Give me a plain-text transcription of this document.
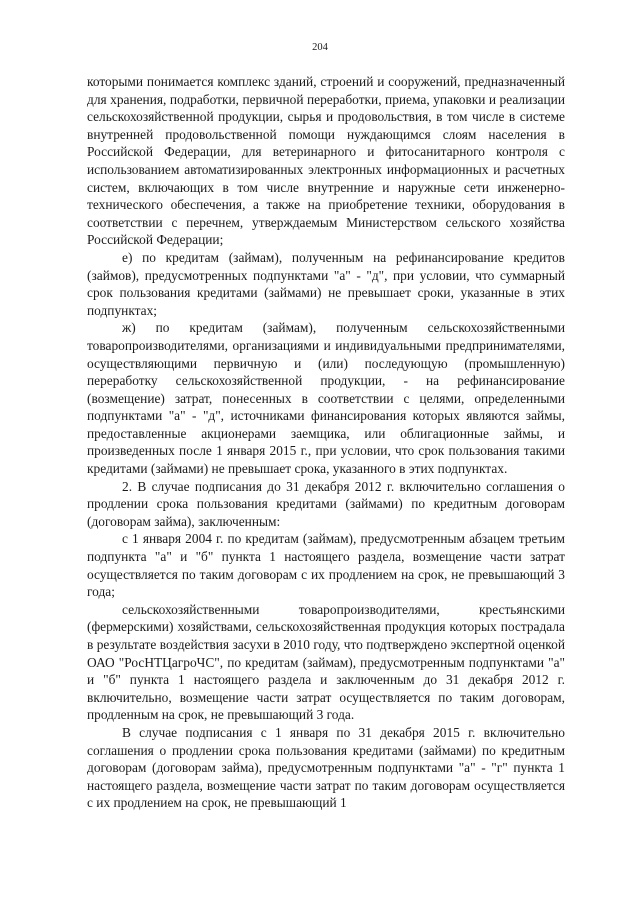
204

которыми понимается комплекс зданий, строений и сооружений, предназначенный для хранения, подработки, первичной переработки, приема, упаковки и реализации сельскохозяйственной продукции, сырья и продовольствия, в том числе в системе внутренней продовольственной помощи нуждающимся слоям населения в Российской Федерации, для ветеринарного и фитосанитарного контроля с использованием автоматизированных электронных информационных и расчетных систем, включающих в том числе внутренние и наружные сети инженерно-технического обеспечения, а также на приобретение техники, оборудования в соответствии с перечнем, утверждаемым Министерством сельского хозяйства Российской Федерации;

е) по кредитам (займам), полученным на рефинансирование кредитов (займов), предусмотренных подпунктами "а" - "д", при условии, что суммарный срок пользования кредитами (займами) не превышает сроки, указанные в этих подпунктах;

ж) по кредитам (займам), полученным сельскохозяйственными товаропроизводителями, организациями и индивидуальными предпринимателями, осуществляющими первичную и (или) последующую (промышленную) переработку сельскохозяйственной продукции, - на рефинансирование (возмещение) затрат, понесенных в соответствии с целями, определенными подпунктами "а" - "д", источниками финансирования которых являются займы, предоставленные акционерами заемщика, или облигационные займы, и произведенных после 1 января 2015 г., при условии, что срок пользования такими кредитами (займами) не превышает срока, указанного в этих подпунктах.

2. В случае подписания до 31 декабря 2012 г. включительно соглашения о продлении срока пользования кредитами (займами) по кредитным договорам (договорам займа), заключенным:

с 1 января 2004 г. по кредитам (займам), предусмотренным абзацем третьим подпункта "а" и "б" пункта 1 настоящего раздела, возмещение части затрат осуществляется по таким договорам с их продлением на срок, не превышающий 3 года;

сельскохозяйственными товаропроизводителями, крестьянскими (фермерскими) хозяйствами, сельскохозяйственная продукция которых пострадала в результате воздействия засухи в 2010 году, что подтверждено экспертной оценкой ОАО "РосНТЦагроЧС", по кредитам (займам), предусмотренным подпунктами "а" и "б" пункта 1 настоящего раздела и заключенным до 31 декабря 2012 г. включительно, возмещение части затрат осуществляется по таким договорам, продленным на срок, не превышающий 3 года.

В случае подписания с 1 января по 31 декабря 2015 г. включительно соглашения о продлении срока пользования кредитами (займами) по кредитным договорам (договорам займа), предусмотренным подпунктами "а" - "г" пункта 1 настоящего раздела, возмещение части затрат по таким договорам осуществляется с их продлением на срок, не превышающий 1
